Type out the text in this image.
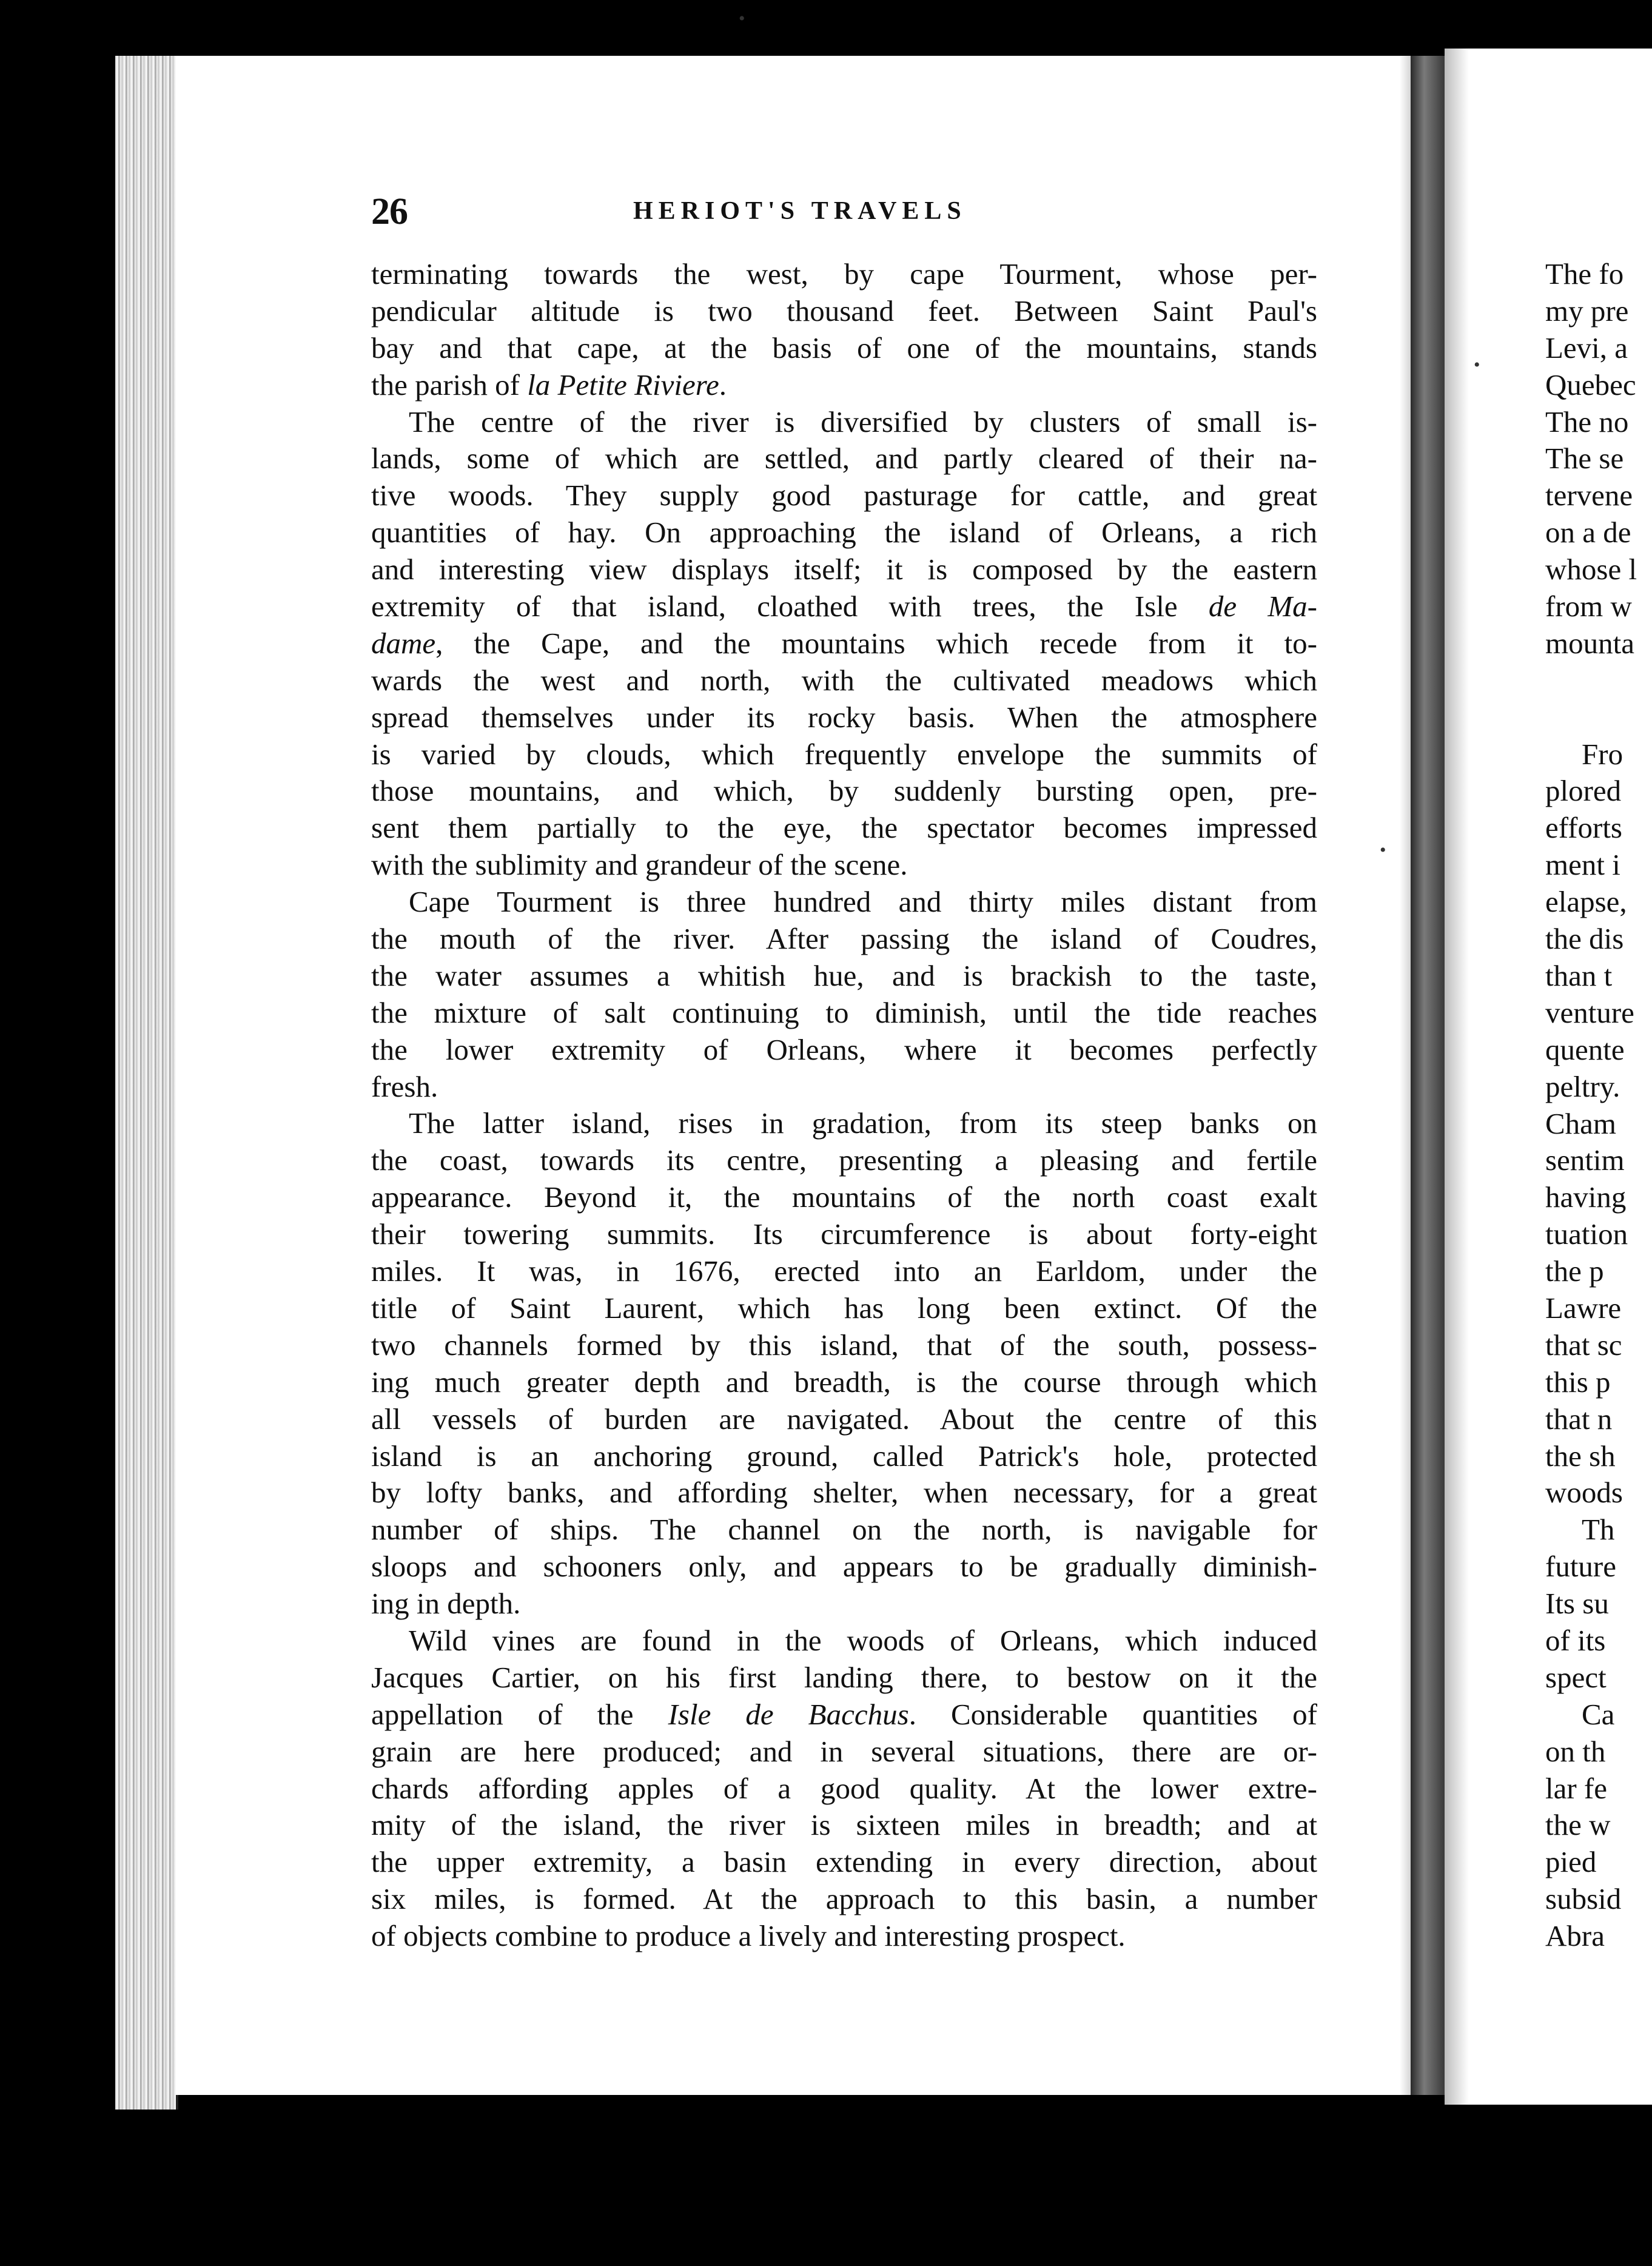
26	HERIOT'S TRAVELS
terminating towards the west, by cape Tourment, whose per-
pendicular altitude is two thousand feet. Between Saint Paul's
bay and that cape, at the basis of one of the mountains, stands
the parish of la Petite Riviere.
The centre of the river is diversified by clusters of small is-
lands, some of which are settled, and partly cleared of their na-
tive woods. They supply good pasturage for cattle, and great
quantities of hay. On approaching the island of Orleans, a rich
and interesting view displays itself; it is composed by the eastern
extremity of that island, cloathed with trees, the Isle de Ma-
dame, the Cape, and the mountains which recede from it to-
wards the west and north, with the cultivated meadows which
spread themselves under its rocky basis. When the atmosphere
is varied by clouds, which frequently envelope the summits of
those mountains, and which, by suddenly bursting open, pre-
sent them partially to the eye, the spectator becomes impressed
with the sublimity and grandeur of the scene.
Cape Tourment is three hundred and thirty miles distant from
the mouth of the river. After passing the island of Coudres,
the water assumes a whitish hue, and is brackish to the taste,
the mixture of salt continuing to diminish, until the tide reaches
the lower extremity of Orleans, where it becomes perfectly
fresh.
The latter island, rises in gradation, from its steep banks on
the coast, towards its centre, presenting a pleasing and fertile
appearance. Beyond it, the mountains of the north coast exalt
their towering summits. Its circumference is about forty-eight
miles. It was, in 1676, erected into an Earldom, under the
title of Saint Laurent, which has long been extinct. Of the
two channels formed by this island, that of the south, possess-
ing much greater depth and breadth, is the course through which
all vessels of burden are navigated. About the centre of this
island is an anchoring ground, called Patrick's hole, protected
by lofty banks, and affording shelter, when necessary, for a great
number of ships. The channel on the north, is navigable for
sloops and schooners only, and appears to be gradually diminish-
ing in depth.
Wild vines are found in the woods of Orleans, which induced
Jacques Cartier, on his first landing there, to bestow on it the
appellation of the Isle de Bacchus. Considerable quantities of
grain are here produced; and in several situations, there are or-
chards affording apples of a good quality. At the lower extre-
mity of the island, the river is sixteen miles in breadth; and at
the upper extremity, a basin extending in every direction, about
six miles, is formed. At the approach to this basin, a number
of objects combine to produce a lively and interesting prospect.
The fo
my pre
Levi, a
Quebec
The no
The se
tervene
on a de
whose l
from w
mounta
Fro
plored
efforts
ment i
elapse,
the dis
than t
venture
quente
peltry.
Cham
sentim
having
tuation
the p
Lawre
that sc
this p
that n
the sh
woods
Th
future
Its su
of its
spect
Ca
on th
lar fe
the w
pied
subsid
Abra
•
•
•
